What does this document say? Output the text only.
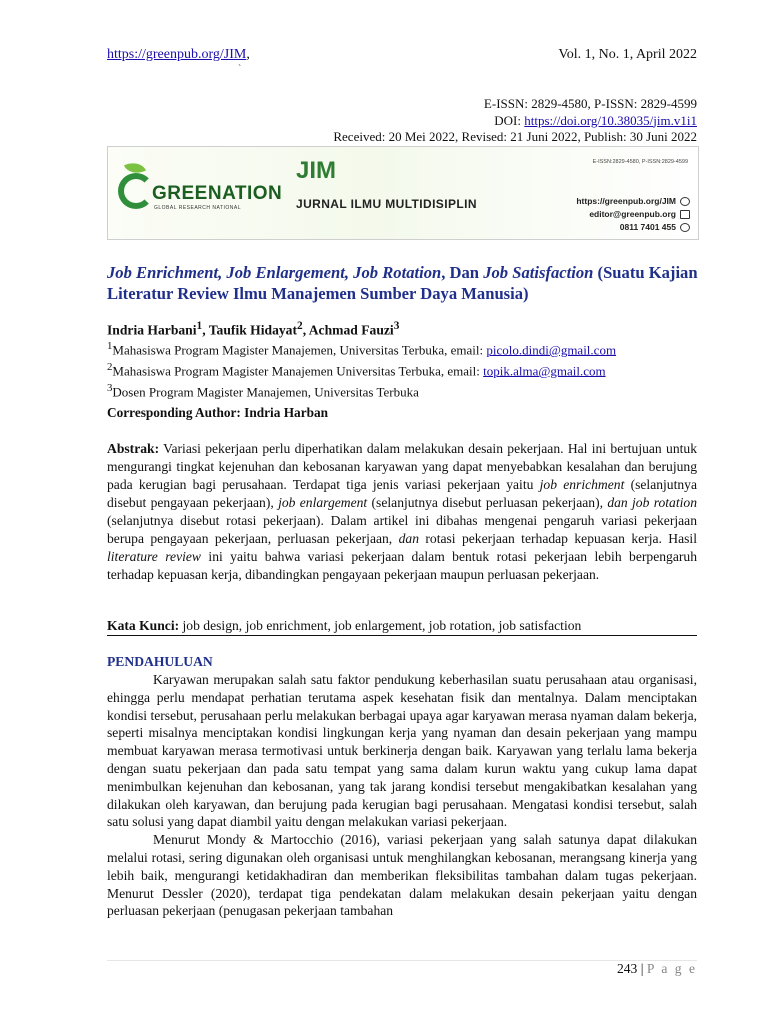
https://greenpub.org/JIM,	Vol. 1, No. 1, April 2022
`
E-ISSN: 2829-4580, P-ISSN: 2829-4599
DOI: https://doi.org/10.38035/jim.v1i1
Received: 20 Mei 2022, Revised: 21 Juni 2022, Publish: 30 Juni 2022
GREENATION
GLOBAL RESEARCH NATIONAL
JIM
JURNAL ILMU MULTIDISIPLIN
E-ISSN:2829-4580, P-ISSN:2829-4599
https://greenpub.org/JIM
editor@greenpub.org
0811 7401 455
Job Enrichment, Job Enlargement, Job Rotation, Dan Job Satisfaction (Suatu Kajian Literatur Review Ilmu Manajemen Sumber Daya Manusia)
Indria Harbani$^1$, Taufik Hidayat$^2$, Achmad Fauzi$^3$
$^1$Mahasiswa Program Magister Manajemen, Universitas Terbuka, email: picolo.dindi@gmail.com
$^2$Mahasiswa Program Magister Manajemen Universitas Terbuka, email: topik.alma@gmail.com
$^3$Dosen Program Magister Manajemen, Universitas Terbuka
Corresponding Author: Indria Harban
Abstrak: Variasi pekerjaan perlu diperhatikan dalam melakukan desain pekerjaan. Hal ini bertujuan untuk mengurangi tingkat kejenuhan dan kebosanan karyawan yang dapat menyebabkan kesalahan dan berujung pada kerugian bagi perusahaan. Terdapat tiga jenis variasi pekerjaan yaitu job enrichment (selanjutnya disebut pengayaan pekerjaan), job enlargement (selanjutnya disebut perluasan pekerjaan), dan job rotation (selanjutnya disebut rotasi pekerjaan). Dalam artikel ini dibahas mengenai pengaruh variasi pekerjaan berupa pengayaan pekerjaan, perluasan pekerjaan, dan rotasi pekerjaan terhadap kepuasan kerja. Hasil literature review ini yaitu bahwa variasi pekerjaan dalam bentuk rotasi pekerjaan lebih berpengaruh terhadap kepuasan kerja, dibandingkan pengayaan pekerjaan maupun perluasan pekerjaan.
Kata Kunci: job design, job enrichment, job enlargement, job rotation, job satisfaction
PENDAHULUAN

Karyawan merupakan salah satu faktor pendukung keberhasilan suatu perusahaan atau organisasi, ehingga perlu mendapat perhatian terutama aspek kesehatan fisik dan mentalnya. Dalam menciptakan kondisi tersebut, perusahaan perlu melakukan berbagai upaya agar karyawan merasa nyaman dalam bekerja, seperti misalnya menciptakan kondisi lingkungan kerja yang nyaman dan desain pekerjaan yang mampu membuat karyawan merasa termotivasi untuk berkinerja dengan baik. Karyawan yang terlalu lama bekerja dengan suatu pekerjaan dan pada satu tempat yang sama dalam kurun waktu yang cukup lama dapat menimbulkan kejenuhan dan kebosanan, yang tak jarang kondisi tersebut mengakibatkan kesalahan yang dilakukan oleh karyawan, dan berujung pada kerugian bagi perusahaan. Mengatasi kondisi tersebut, salah satu solusi yang dapat diambil yaitu dengan melakukan variasi pekerjaan.

Menurut Mondy & Martocchio (2016), variasi pekerjaan yang salah satunya dapat dilakukan melalui rotasi, sering digunakan oleh organisasi untuk menghilangkan kebosanan, merangsang kinerja yang lebih baik, mengurangi ketidakhadiran dan memberikan fleksibilitas tambahan dalam tugas pekerjaan. Menurut Dessler (2020), terdapat tiga pendekatan dalam melakukan desain pekerjaan yaitu dengan perluasan pekerjaan (penugasan pekerjaan tambahan

243 | P a g e
